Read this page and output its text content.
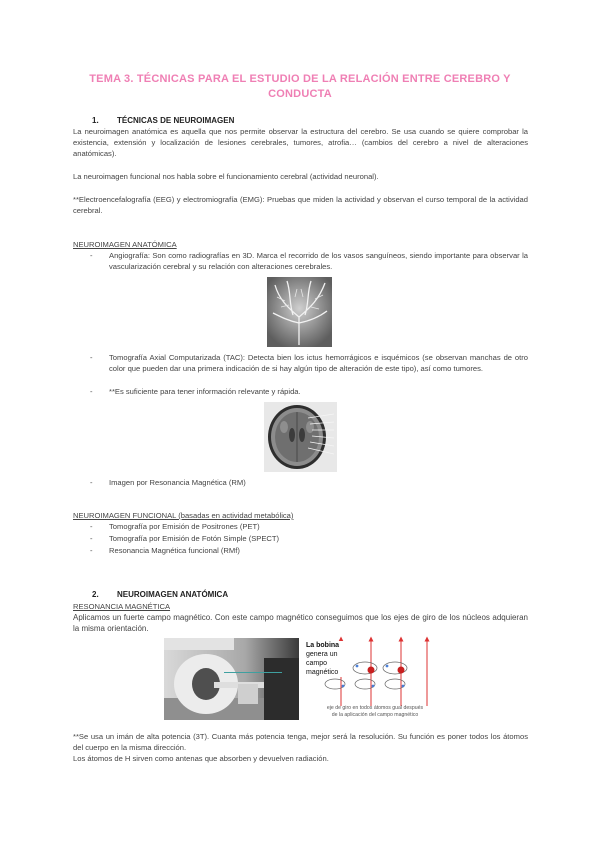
TEMA 3. TÉCNICAS PARA EL ESTUDIO DE LA RELACIÓN ENTRE CEREBRO Y CONDUCTA
1. TÉCNICAS DE NEUROIMAGEN
La neuroimagen anatómica es aquella que nos permite observar la estructura del cerebro. Se usa cuando se quiere comprobar la existencia, extensión y localización de lesiones cerebrales, tumores, atrofia… (cambios del cerebro a nivel de alteraciones anatómicas).
La neuroimagen funcional nos habla sobre el funcionamiento cerebral (actividad neuronal).
**Electroencefalografía (EEG) y electromiografía (EMG): Pruebas que miden la actividad y observan el curso temporal de la actividad cerebral.
NEUROIMAGEN ANATÓMICA
- Angiografía: Son como radiografías en 3D. Marca el recorrido de los vasos sanguíneos, siendo importante para observar la vascularización cerebral y su relación con alteraciones cerebrales.
- Tomografía Axial Computarizada (TAC): Detecta bien los ictus hemorrágicos e isquémicos (se observan manchas de otro color que pueden dar una primera indicación de si hay algún tipo de alteración de este tipo), así como tumores.
- **Es suficiente para tener información relevante y rápida.
- Imagen por Resonancia Magnética (RM)
NEUROIMAGEN FUNCIONAL (basadas en actividad metabólica)
- Tomografía por Emisión de Positrones (PET)
- Tomografía por Emisión de Fotón Simple (SPECT)
- Resonancia Magnética funcional (RMf)
2. NEUROIMAGEN ANATÓMICA
RESONANCIA MAGNÉTICA
Aplicamos un fuerte campo magnético. Con este campo magnético conseguimos que los ejes de giro de los núcleos adquieran la misma orientación.
La bobina
genera un
campo
magnético
eje de giro en todos átomos gual después
de la aplicación del campo magnético
**Se usa un imán de alta potencia (3T). Cuanta más potencia tenga, mejor será la resolución. Su función es poner todos los átomos del cuerpo en la misma dirección.
Los átomos de H sirven como antenas que absorben y devuelven radiación.
